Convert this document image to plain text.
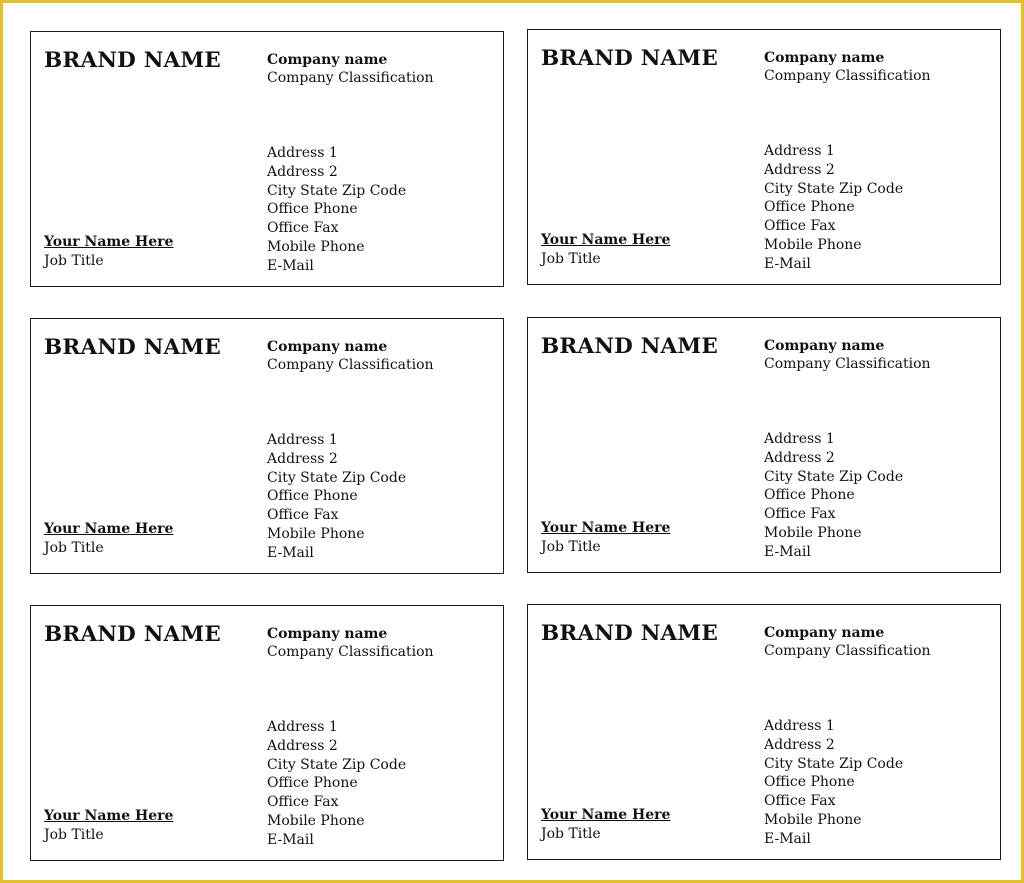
BRAND NAME	Company name
Company Classification
Address 1
Address 2
City State Zip Code
Office Phone
Office Fax
Mobile Phone
E-Mail
Your Name Here
Job Title
BRAND NAME	Company name
Company Classification
Address 1
Address 2
City State Zip Code
Office Phone
Office Fax
Mobile Phone
E-Mail
Your Name Here
Job Title
BRAND NAME	Company name
Company Classification
Address 1
Address 2
City State Zip Code
Office Phone
Office Fax
Mobile Phone
E-Mail
Your Name Here
Job Title
BRAND NAME	Company name
Company Classification
Address 1
Address 2
City State Zip Code
Office Phone
Office Fax
Mobile Phone
E-Mail
Your Name Here
Job Title
BRAND NAME	Company name
Company Classification
Address 1
Address 2
City State Zip Code
Office Phone
Office Fax
Mobile Phone
E-Mail
Your Name Here
Job Title
BRAND NAME	Company name
Company Classification
Address 1
Address 2
City State Zip Code
Office Phone
Office Fax
Mobile Phone
E-Mail
Your Name Here
Job Title
